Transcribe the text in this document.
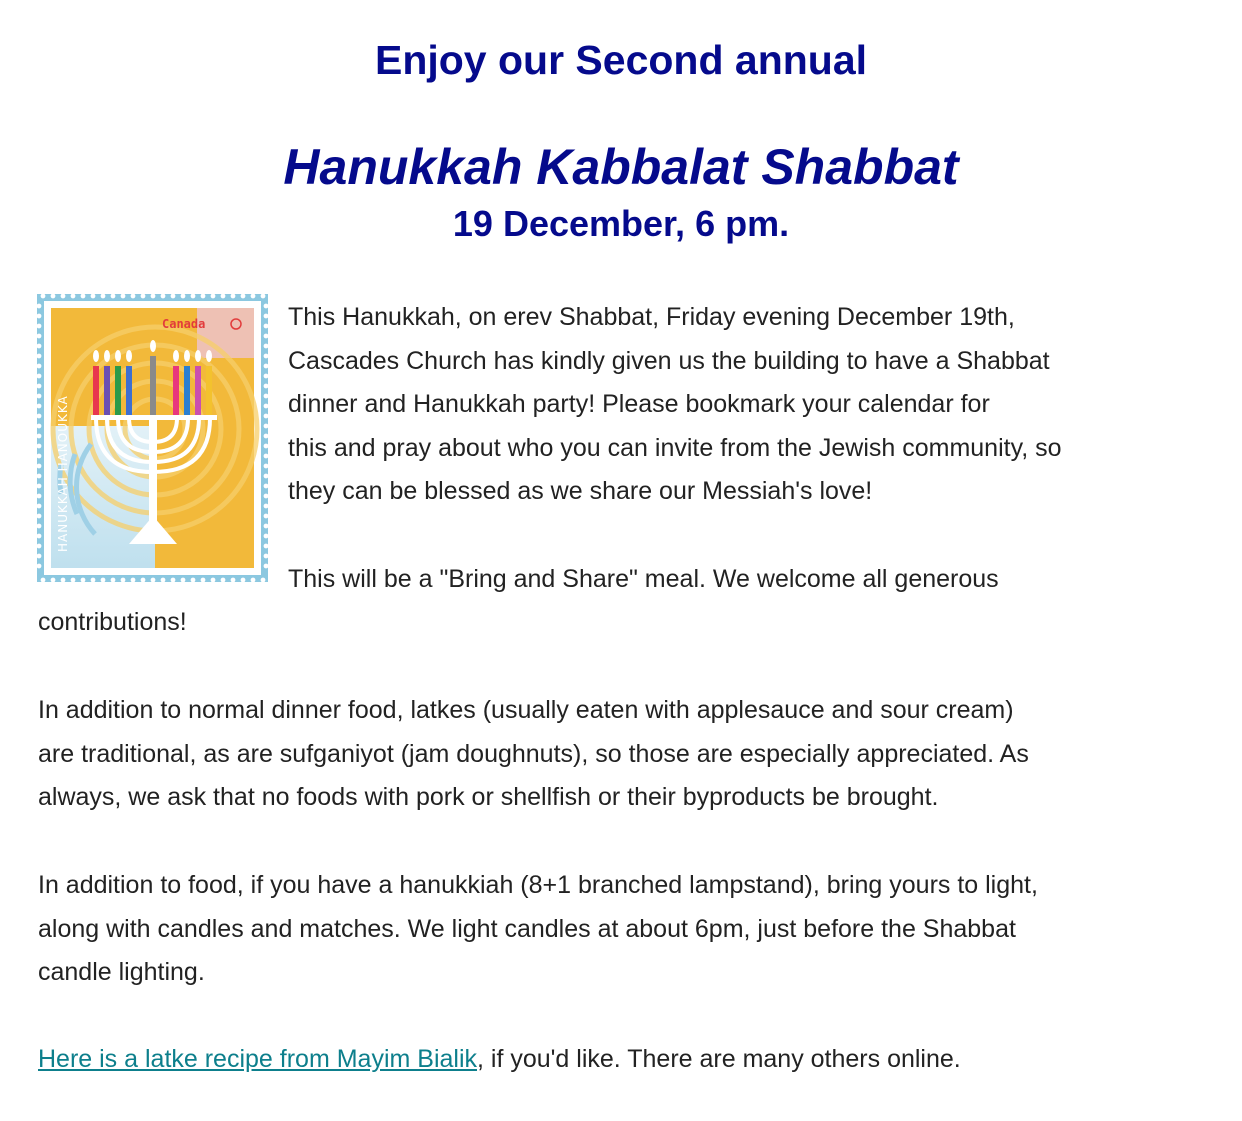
Enjoy our Second annual
Hanukkah Kabbalat Shabbat
19 December, 6 pm.
Canada
HANUKKAH HANOUKKA

This Hanukkah, on erev Shabbat, Friday evening December 19th,
Cascades Church has kindly given us the building to have a Shabbat
dinner and Hanukkah party! Please bookmark your calendar for
this and pray about who you can invite from the Jewish community, so
they can be blessed as we share our Messiah's love!

This will be a "Bring and Share" meal. We welcome all generous

contributions!

In addition to normal dinner food, latkes (usually eaten with applesauce and sour cream)
are traditional, as are sufganiyot (jam doughnuts), so those are especially appreciated. As
always, we ask that no foods with pork or shellfish or their byproducts be brought.

In addition to food, if you have a hanukkiah (8+1 branched lampstand), bring yours to light,
along with candles and matches. We light candles at about 6pm, just before the Shabbat
candle lighting.

Here is a latke recipe from Mayim Bialik, if you'd like. There are many others online.
